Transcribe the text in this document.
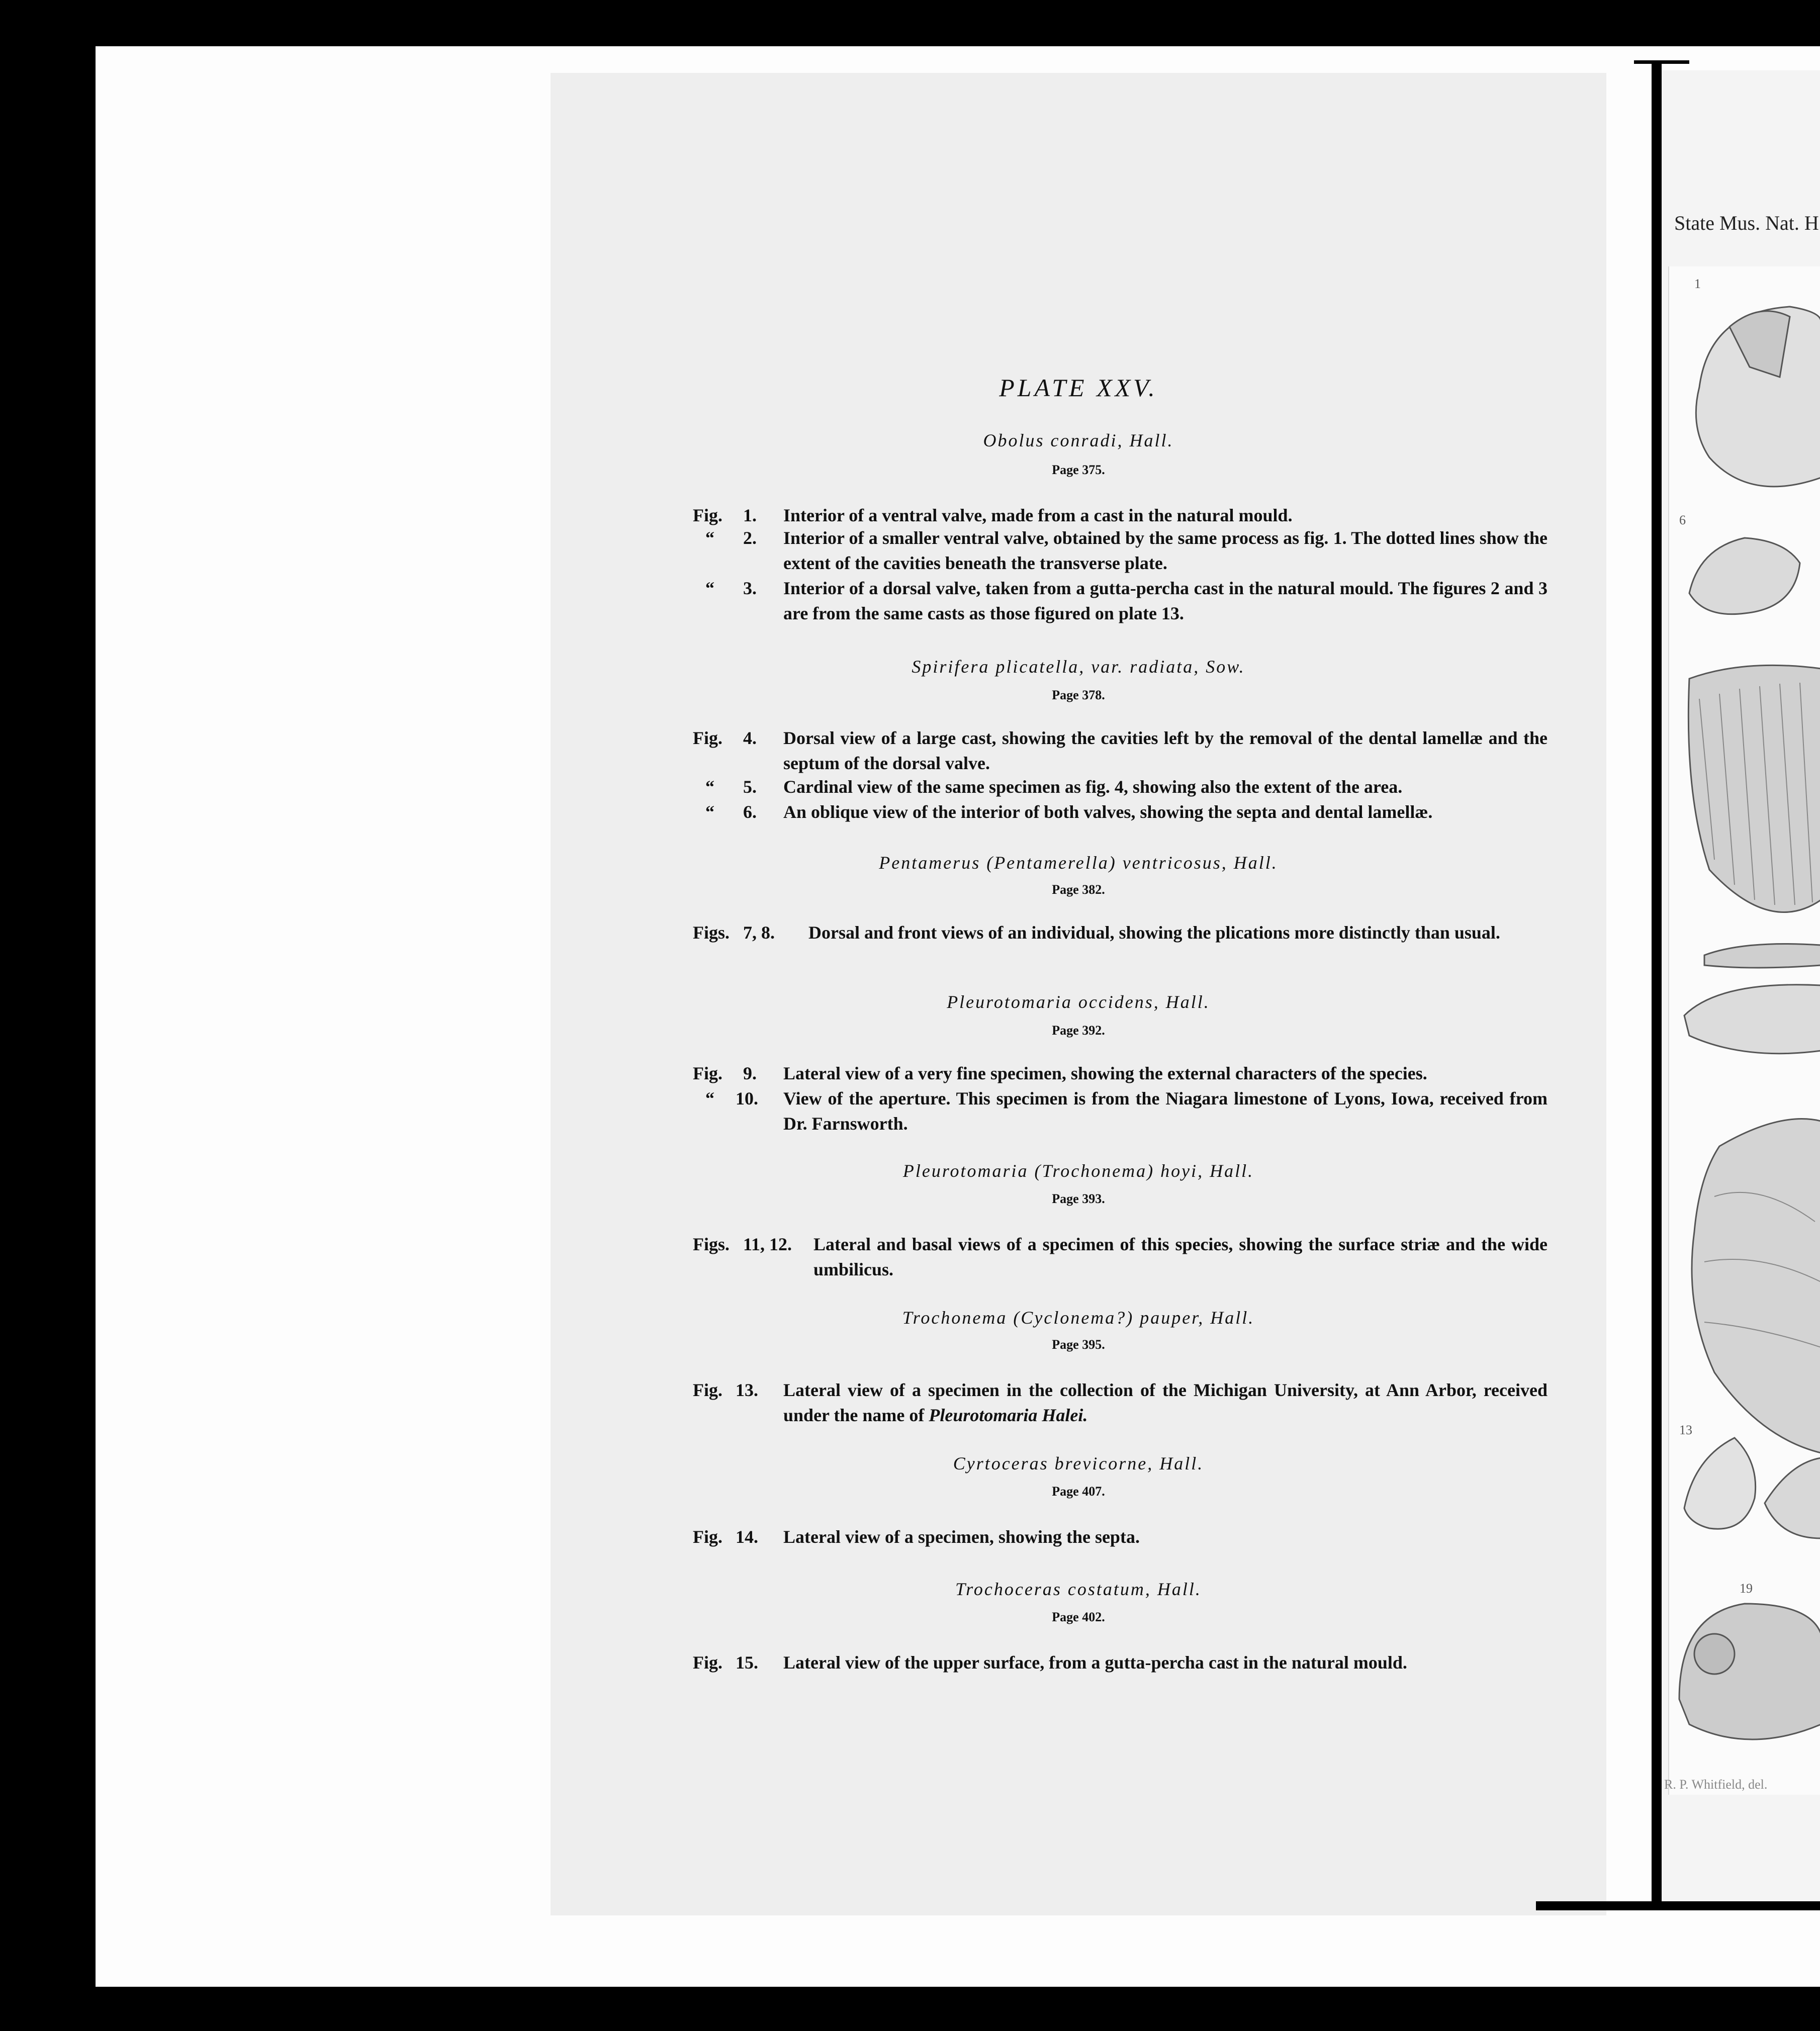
PLATE XXV.
Obolus conradi, Hall.
Page 375.
Fig. 1. Interior of a ventral valve, made from a cast in the natural mould.
“ 2. Interior of a smaller ventral valve, obtained by the same process as fig. 1. The dotted lines show the extent of the cavities beneath the transverse plate.
“ 3. Interior of a dorsal valve, taken from a gutta-percha cast in the natural mould. The figures 2 and 3 are from the same casts as those figured on plate 13.
Spirifera plicatella, var. radiata, Sow.
Page 378.
Fig. 4. Dorsal view of a large cast, showing the cavities left by the removal of the dental lamellæ and the septum of the dorsal valve.
“ 5. Cardinal view of the same specimen as fig. 4, showing also the extent of the area.
“ 6. An oblique view of the interior of both valves, showing the septa and dental lamellæ.
Pentamerus (Pentamerella) ventricosus, Hall.
Page 382.
Figs. 7, 8. Dorsal and front views of an individual, showing the plications more distinctly than usual.
Pleurotomaria occidens, Hall.
Page 392.
Fig. 9. Lateral view of a very fine specimen, showing the external characters of the species.
“ 10. View of the aperture. This specimen is from the Niagara limestone of Lyons, Iowa, received from Dr. Farnsworth.
Pleurotomaria (Trochonema) hoyi, Hall.
Page 393.
Figs. 11, 12. Lateral and basal views of a specimen of this species, showing the surface striæ and the wide umbilicus.
Trochonema (Cyclonema?) pauper, Hall.
Page 395.
Fig. 13. Lateral view of a specimen in the collection of the Michigan University, at Ann Arbor, received under the name of Pleurotomaria Halei.
Cyrtoceras brevicorne, Hall.
Page 407.
Fig. 14. Lateral view of a specimen, showing the septa.
Trochoceras costatum, Hall.
Page 402.
Fig. 15. Lateral view of the upper surface, from a gutta-percha cast in the natural mould.
State Mus. Nat. H
1
6
13
19
R. P. Whitfield, del.
